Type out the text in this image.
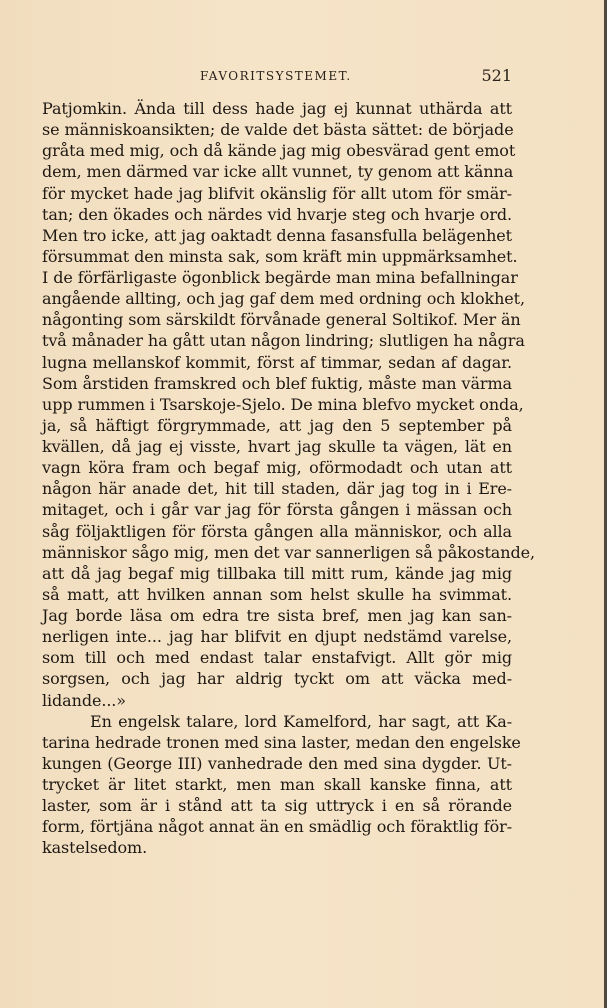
FAVORITSYSTEMET.	521
Patjomkin. Ända till dess hade jag ej kunnat uthärda att
se människoansikten; de valde det bästa sättet: de började
gråta med mig, och då kände jag mig obesvärad gent emot
dem, men därmed var icke allt vunnet, ty genom att känna
för mycket hade jag blifvit okänslig för allt utom för smär-
tan; den ökades och närdes vid hvarje steg och hvarje ord.
Men tro icke, att jag oaktadt denna fasansfulla belägenhet
försummat den minsta sak, som kräft min uppmärksamhet.
I de förfärligaste ögonblick begärde man mina befallningar
angående allting, och jag gaf dem med ordning och klokhet,
någonting som särskildt förvånade general Soltikof. Mer än
två månader ha gått utan någon lindring; slutligen ha några
lugna mellanskof kommit, först af timmar, sedan af dagar.
Som årstiden framskred och blef fuktig, måste man värma
upp rummen i Tsarskoje-Sjelo. De mina blefvo mycket onda,
ja, så häftigt förgrymmade, att jag den 5 september på
kvällen, då jag ej visste, hvart jag skulle ta vägen, lät en
vagn köra fram och begaf mig, oförmodadt och utan att
någon här anade det, hit till staden, där jag tog in i Ere-
mitaget, och i går var jag för första gången i mässan och
såg följaktligen för första gången alla människor, och alla
människor sågo mig, men det var sannerligen så påkostande,
att då jag begaf mig tillbaka till mitt rum, kände jag mig
så matt, att hvilken annan som helst skulle ha svimmat.
Jag borde läsa om edra tre sista bref, men jag kan san-
nerligen inte... jag har blifvit en djupt nedstämd varelse,
som till och med endast talar enstafvigt. Allt gör mig
sorgsen, och jag har aldrig tyckt om att väcka med-
lidande...»
En engelsk talare, lord Kamelford, har sagt, att Ka-
tarina hedrade tronen med sina laster, medan den engelske
kungen (George III) vanhedrade den med sina dygder. Ut-
trycket är litet starkt, men man skall kanske finna, att
laster, som är i stånd att ta sig uttryck i en så rörande
form, förtjäna något annat än en smädlig och föraktlig för-
kastelsedom.
